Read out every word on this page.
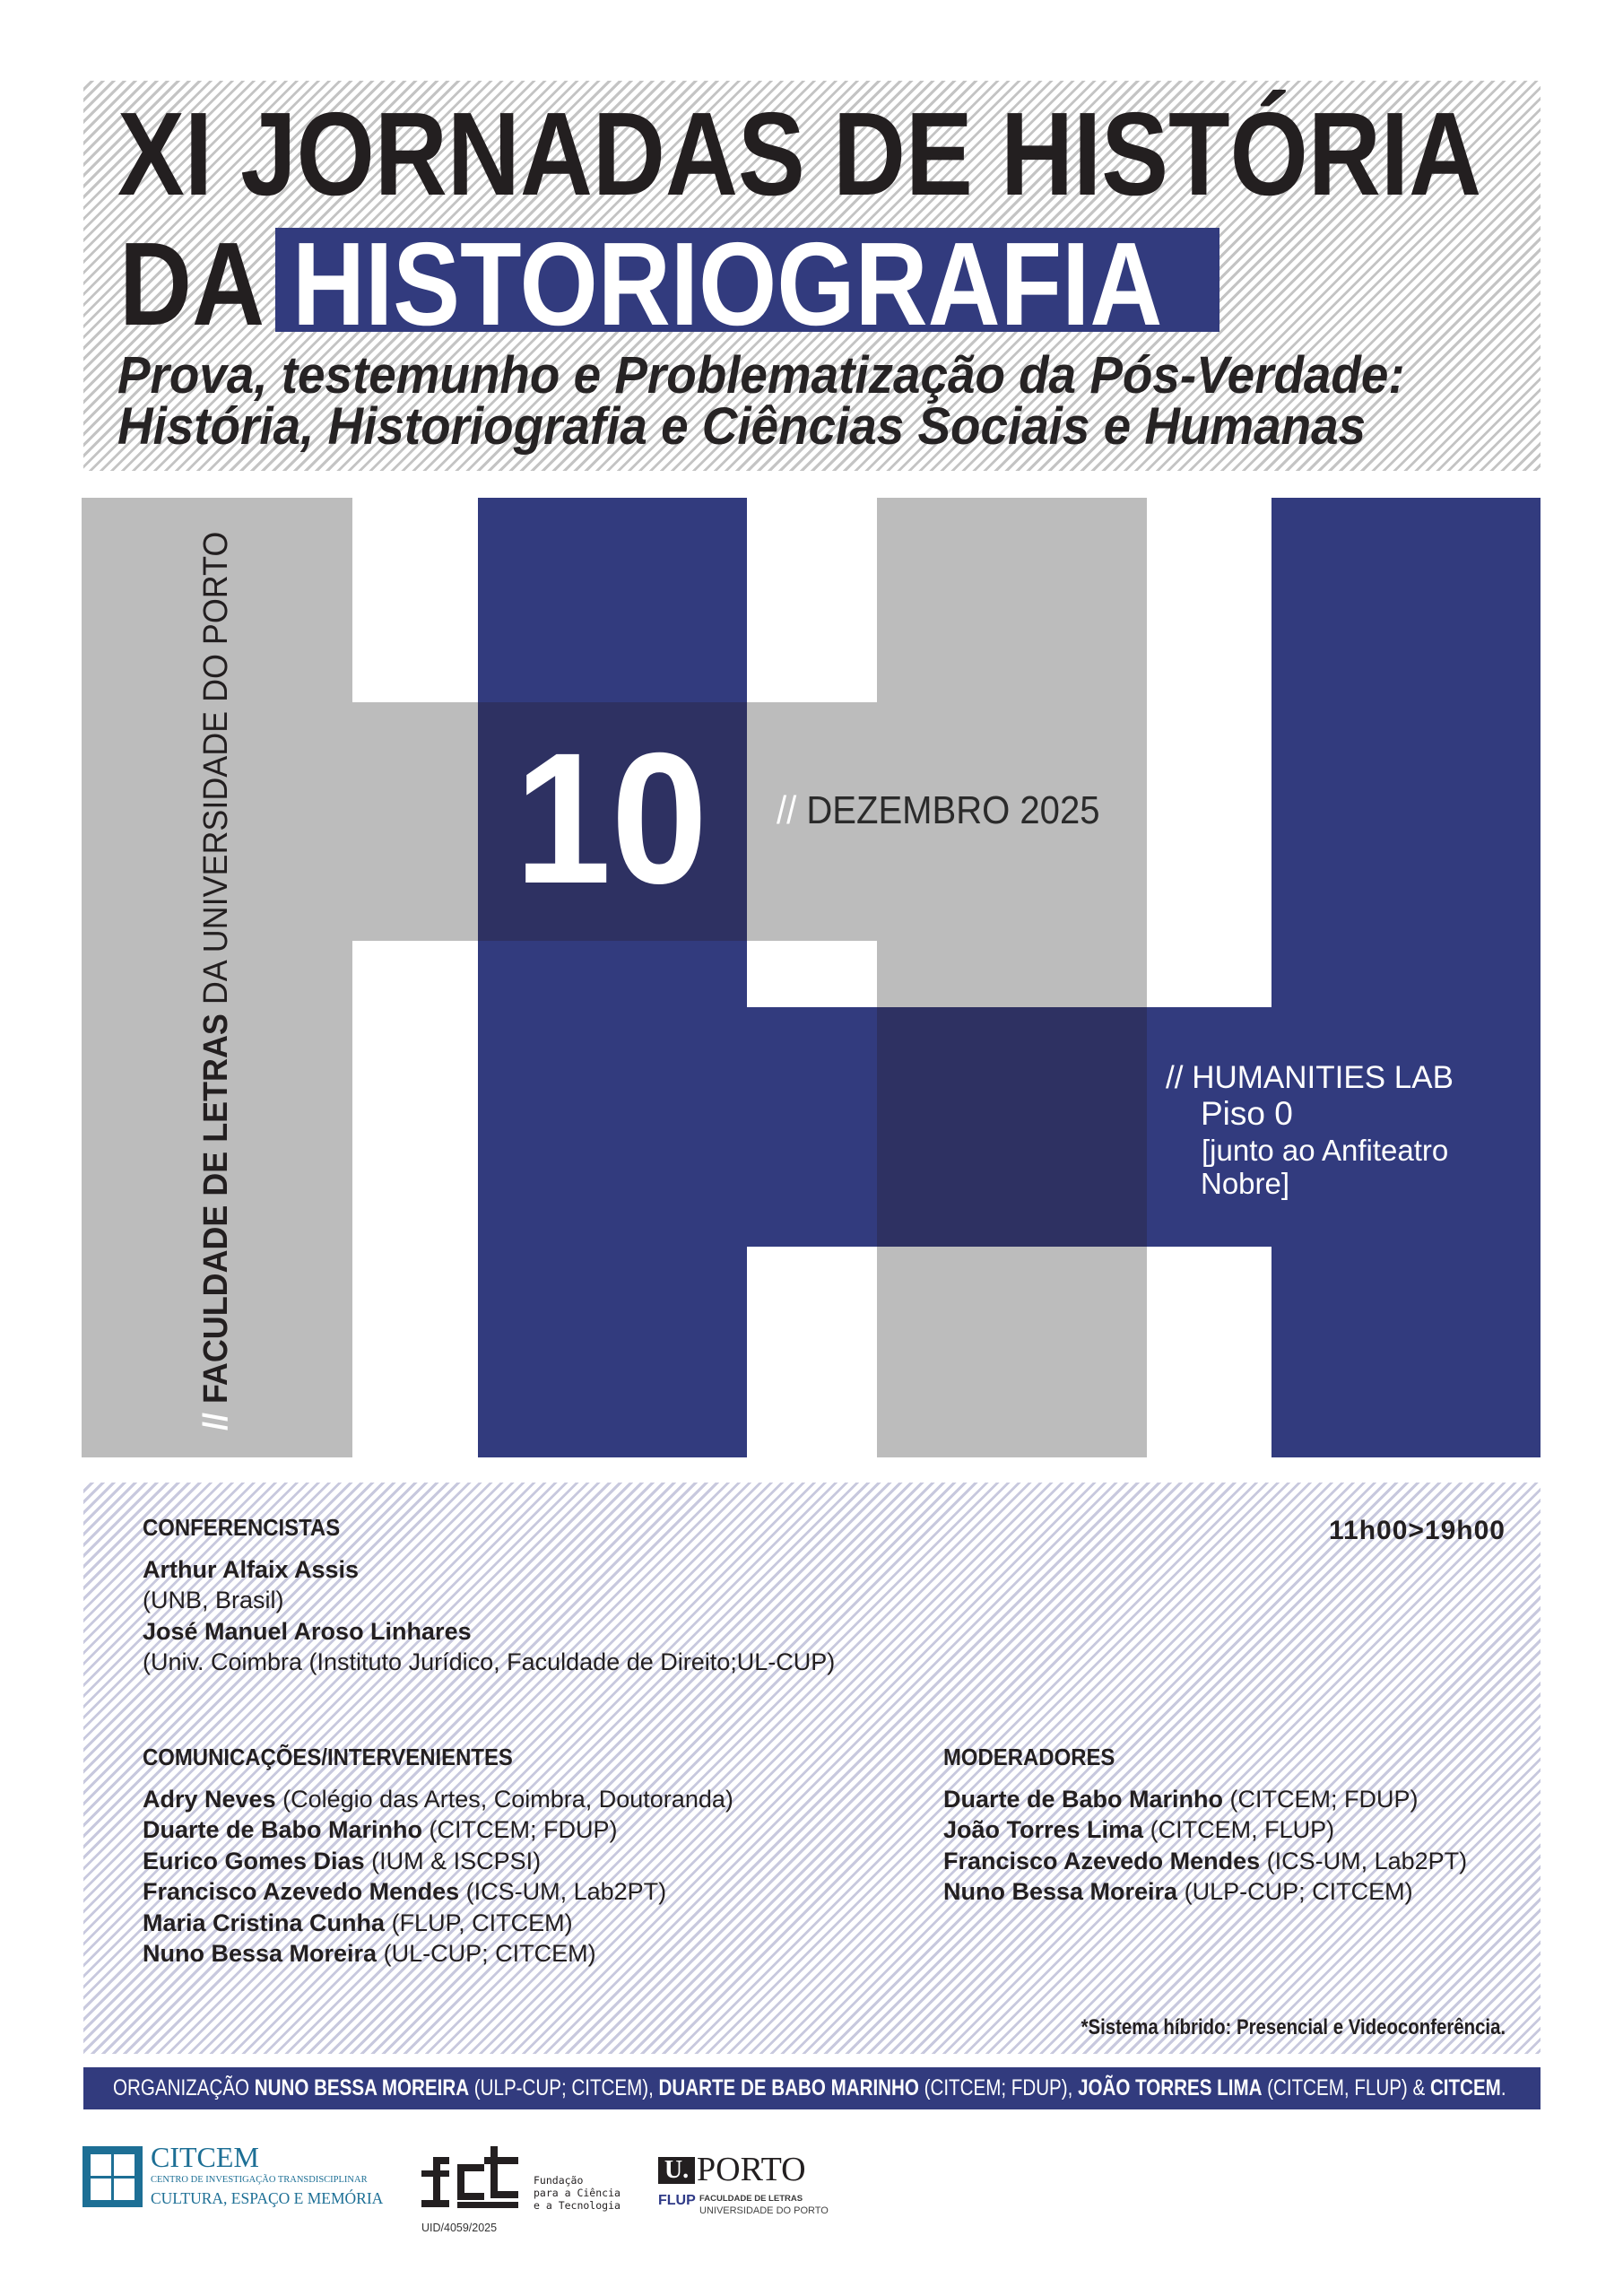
XI JORNADAS DE HISTÓRIA
DA HISTORIOGRAFIA
Prova, testemunho e Problematização da Pós-Verdade:
História, Historiografia e Ciências Sociais e Humanas
10 // DEZEMBRO 2025
// HUMANITIES LAB
Piso 0
[junto ao Anfiteatro
Nobre]
// FACULDADE DE LETRAS DA UNIVERSIDADE DO PORTO
CONFERENCISTAS
Arthur Alfaix Assis
(UNB, Brasil)
José Manuel Aroso Linhares
(Univ. Coimbra (Instituto Jurídico, Faculdade de Direito;UL-CUP)
11h00>19h00
COMUNICAÇÕES/INTERVENIENTES
Adry Neves (Colégio das Artes, Coimbra, Doutoranda)
Duarte de Babo Marinho (CITCEM; FDUP)
Eurico Gomes Dias (IUM & ISCPSI)
Francisco Azevedo Mendes (ICS-UM, Lab2PT)
Maria Cristina Cunha (FLUP, CITCEM)
Nuno Bessa Moreira (UL-CUP; CITCEM)
MODERADORES
Duarte de Babo Marinho (CITCEM; FDUP)
João Torres Lima (CITCEM, FLUP)
Francisco Azevedo Mendes (ICS-UM, Lab2PT)
Nuno Bessa Moreira (ULP-CUP; CITCEM)
*Sistema híbrido: Presencial e Videoconferência.
ORGANIZAÇÃO NUNO BESSA MOREIRA (ULP-CUP; CITCEM), DUARTE DE BABO MARINHO (CITCEM; FDUP), JOÃO TORRES LIMA (CITCEM, FLUP) & CITCEM.
CITCEM
CENTRO DE INVESTIGAÇÃO TRANSDISCIPLINAR
CULTURA, ESPAÇO E MEMÓRIA
Fundação
para a Ciência
e a Tecnologia
UID/4059/2025
U. PORTO
FLUP FACULDADE DE LETRAS
UNIVERSIDADE DO PORTO
